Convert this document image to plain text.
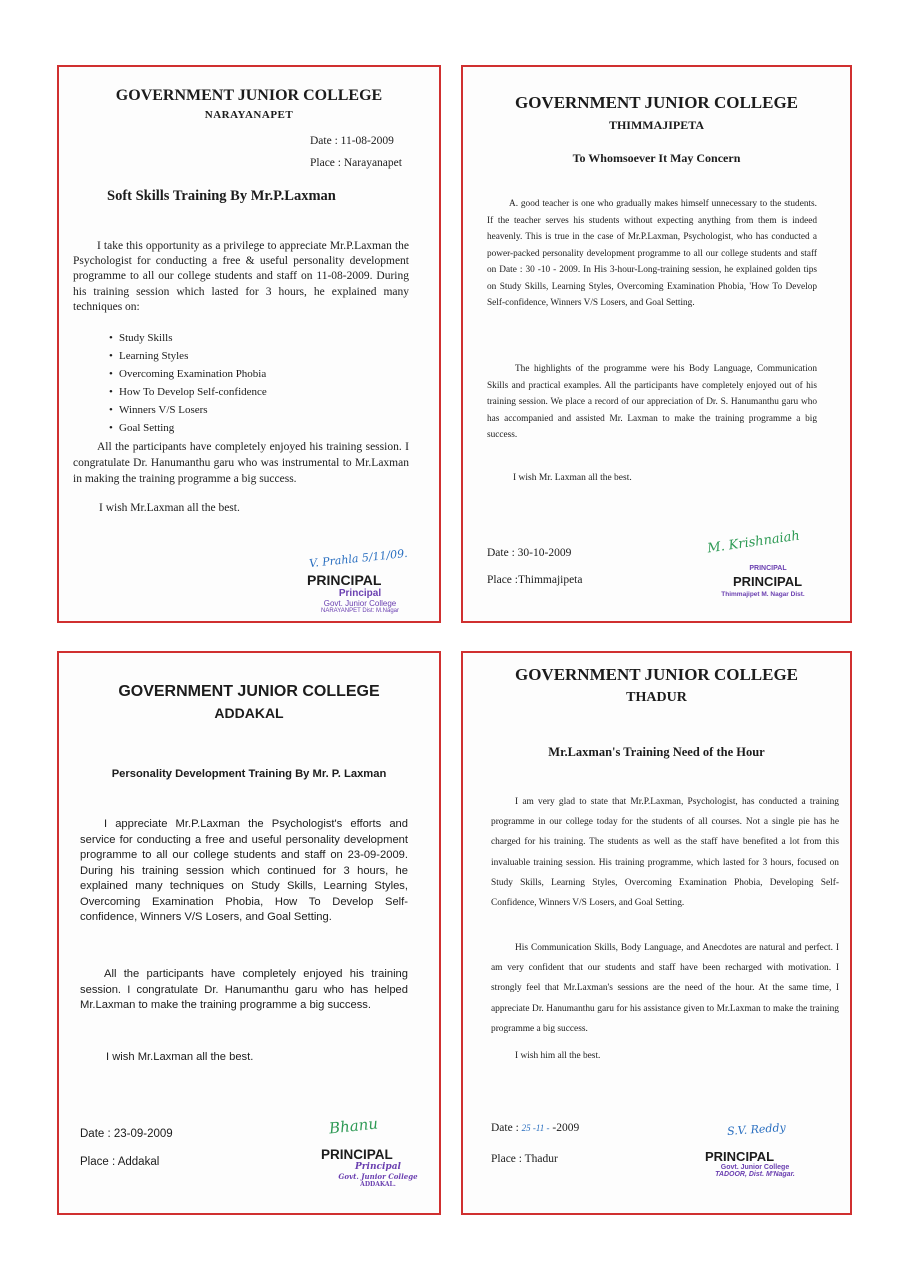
GOVERNMENT JUNIOR COLLEGE
NARAYANAPET
Date : 11-08-2009
Place : Narayanapet
Soft Skills Training By Mr.P.Laxman
I take this opportunity as a privilege to appreciate Mr.P.Laxman the Psychologist for conducting a free & useful personality development programme to all our college students and staff on 11-08-2009. During his training session which lasted for 3 hours, he explained many techniques on:
• Study Skills
• Learning Styles
• Overcoming Examination Phobia
• How To Develop Self-confidence
• Winners V/S Losers
• Goal Setting
All the participants have completely enjoyed his training session. I congratulate Dr. Hanumanthu garu who was instrumental to Mr.Laxman in making the training programme a big success.
I wish Mr.Laxman all the best.
V. Prahla 5/11/09.
PRINCIPAL
Principal
Govt. Junior College
NARAYANPET Dist: M.Nagar
GOVERNMENT JUNIOR COLLEGE
THIMMAJIPETA
To Whomsoever It May Concern
A. good teacher is one who gradually makes himself unnecessary to the students. If the teacher serves his students without expecting anything from them is indeed heavenly. This is true in the case of Mr.P.Laxman, Psychologist, who has conducted a power-packed personality development programme to all our college students and staff on Date : 30 -10 - 2009. In His 3-hour-Long-training session, he explained golden tips on Study Skills, Learning Styles, Overcoming Examination Phobia, 'How To Develop Self-confidence, Winners V/S Losers, and Goal Setting.
The highlights of the programme were his Body Language, Communication Skills and practical examples. All the participants have completely enjoyed out of his training session. We place a record of our appreciation of Dr. S. Hanumanthu garu who has accompanied and assisted Mr. Laxman to make the training programme a big success.
I wish Mr. Laxman all the best.
Date : 30-10-2009
Place :Thimmajipeta
M. Krishnaiah
PRINCIPAL
PRINCIPAL
Thimmajipet M. Nagar Dist.
GOVERNMENT JUNIOR COLLEGE
ADDAKAL
Personality Development Training By Mr. P. Laxman
I appreciate Mr.P.Laxman the Psychologist's efforts and service for conducting a free and useful personality development programme to all our college students and staff on 23-09-2009. During his training session which continued for 3 hours, he explained many techniques on Study Skills, Learning Styles, Overcoming Examination Phobia, How To Develop Self-confidence, Winners V/S Losers, and Goal Setting.
All the participants have completely enjoyed his training session. I congratulate Dr. Hanumanthu garu who has helped Mr.Laxman to make the training programme a big success.
I wish Mr.Laxman all the best.
Date : 23-09-2009
Place : Addakal
Bhanu
PRINCIPAL
Principal
Govt. Junior College
ADDAKAL.
GOVERNMENT JUNIOR COLLEGE
THADUR
Mr.Laxman's Training Need of the Hour
I am very glad to state that Mr.P.Laxman, Psychologist, has conducted a training programme in our college today for the students of all courses. Not a single pie has he charged for his training. The students as well as the staff have benefited a lot from this invaluable training session. His training programme, which lasted for 3 hours, focused on Study Skills, Learning Styles, Overcoming Examination Phobia, Developing Self-Confidence, Winners V/S Losers, and Goal Setting.
His Communication Skills, Body Language, and Anecdotes are natural and perfect. I am very confident that our students and staff have been recharged with motivation. I strongly feel that Mr.Laxman's sessions are the need of the hour. At the same time, I appreciate Dr. Hanumanthu garu for his assistance given to Mr.Laxman to make the training programme a big success.
I wish him all the best.
Date : 25 -11 - -2009
Place : Thadur
S.V. Reddy
PRINCIPAL
Govt. Junior College
TADOOR, Dist. M'Nagar.
